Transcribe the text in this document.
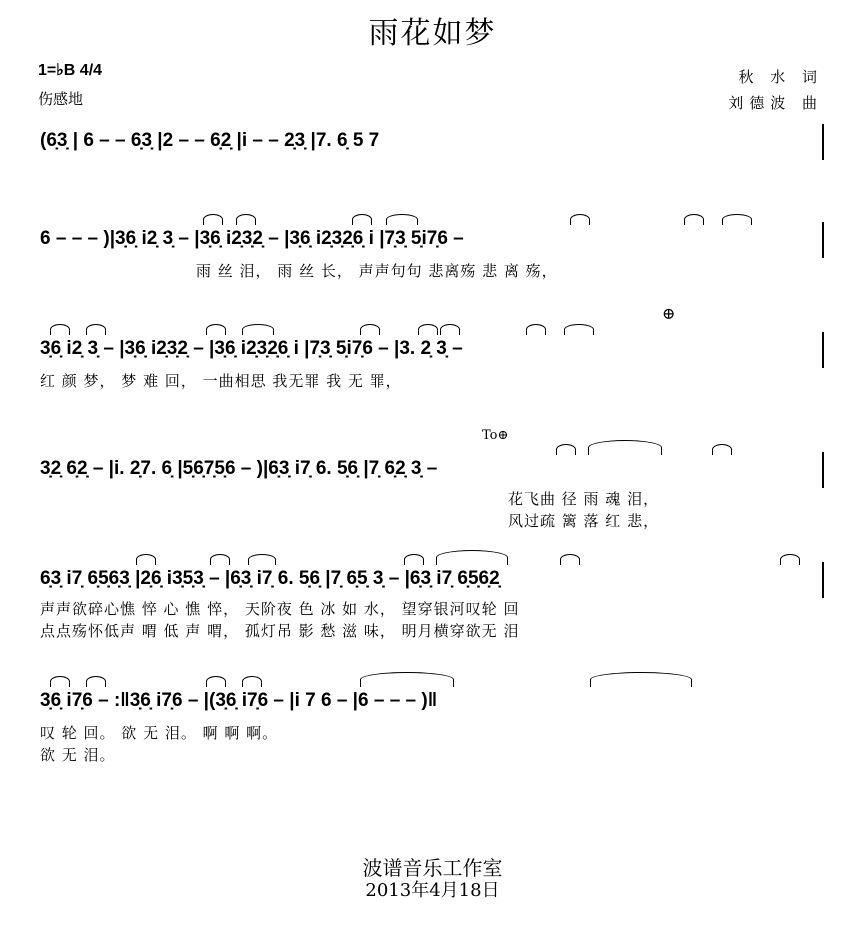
雨花如梦
1=♭B 4/4
伤感地
秋 水 词
刘德波 曲
(6̣3̣ | 6 – – 6̣3̣ |2 – – 6̣2̣ |i – – 2̣3̣ |7. 6̣ 5 7
6 – – – )|3̣6̣ i2̣ 3̣ – |3̣6̣ i2̣3̣2̣ – |3̣6̣ i2̣3̣2̣6̣ i |7̣3̣ 5̣i7̣6 –
雨 丝 泪， 雨 丝 长， 声声句句 悲离殇 悲 离 殇，
⊕
3̣6̣ i2̣ 3̣ – |3̣6̣ i2̣3̣2̣ – |3̣6̣ i2̣3̣2̣6̣ i |7̣3̣ 5̣i7̣6 – |3. 2̣ 3̣ –
红 颜 梦， 梦 难 回， 一曲相思 我无罪 我 无 罪，
To⊕
3̣2̣ 6̣2̣ – |i. 2̣7. 6̣ |5̣6̣7̣5̣6 – )|6̣3̣ i7̣ 6. 5̣6̣ |7̣ 6̣2̣ 3̣ –
花飞曲 径 雨 魂 泪，
风过疏 篱 落 红 悲，
6̣3̣ i7̣ 6̣5̣6̣3̣ |2̣6̣ i3̣5̣3̣ – |6̣3̣ i7̣ 6. 5̣6̣ |7̣ 6̣5̣ 3̣ – |6̣3̣ i7̣ 6̣5̣6̣2̣
声声欲碎心憔 悴 心 憔 悴， 天阶夜 色 冰 如 水， 望穿银河叹轮 回
点点殇怀低声 喟 低 声 喟， 孤灯吊 影 愁 滋 味， 明月横穿欲无 泪
3̣6̣ i7̣6 – :‖3̣6̣ i7̣6 – |(3̣6̣ i7̣6 – |i 7 6 – |6 – – – )‖
叹 轮 回。 欲 无 泪。 啊 啊 啊。
欲 无 泪。
波谱音乐工作室
2013年4月18日
